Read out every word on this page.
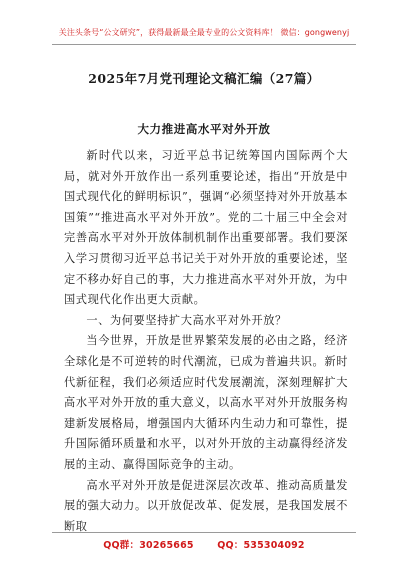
关注头条号“公文研究”，获得最新最全最专业的公文资料库！ 微信：gongwenyj
2025年7月党刊理论文稿汇编（27篇）
大力推进高水平对外开放

新时代以来，习近平总书记统筹国内国际两个大局，就对外开放作出一系列重要论述，指出“开放是中国式现代化的鲜明标识”，强调“必须坚持对外开放基本国策”“推进高水平对外开放”。党的二十届三中全会对完善高水平对外开放体制机制作出重要部署。我们要深入学习贯彻习近平总书记关于对外开放的重要论述，坚定不移办好自己的事，大力推进高水平对外开放，为中国式现代化作出更大贡献。

一、为何要坚持扩大高水平对外开放？

当今世界，开放是世界繁荣发展的必由之路，经济全球化是不可逆转的时代潮流，已成为普遍共识。新时代新征程，我们必须适应时代发展潮流，深刻理解扩大高水平对外开放的重大意义，以高水平对外开放服务构建新发展格局，增强国内大循环内生动力和可靠性，提升国际循环质量和水平，以对外开放的主动赢得经济发展的主动、赢得国际竞争的主动。

高水平对外开放是促进深层次改革、推动高质量发展的强大动力。以开放促改革、促发展，是我国发展不断取

QQ群：30265665 QQ：535304092
